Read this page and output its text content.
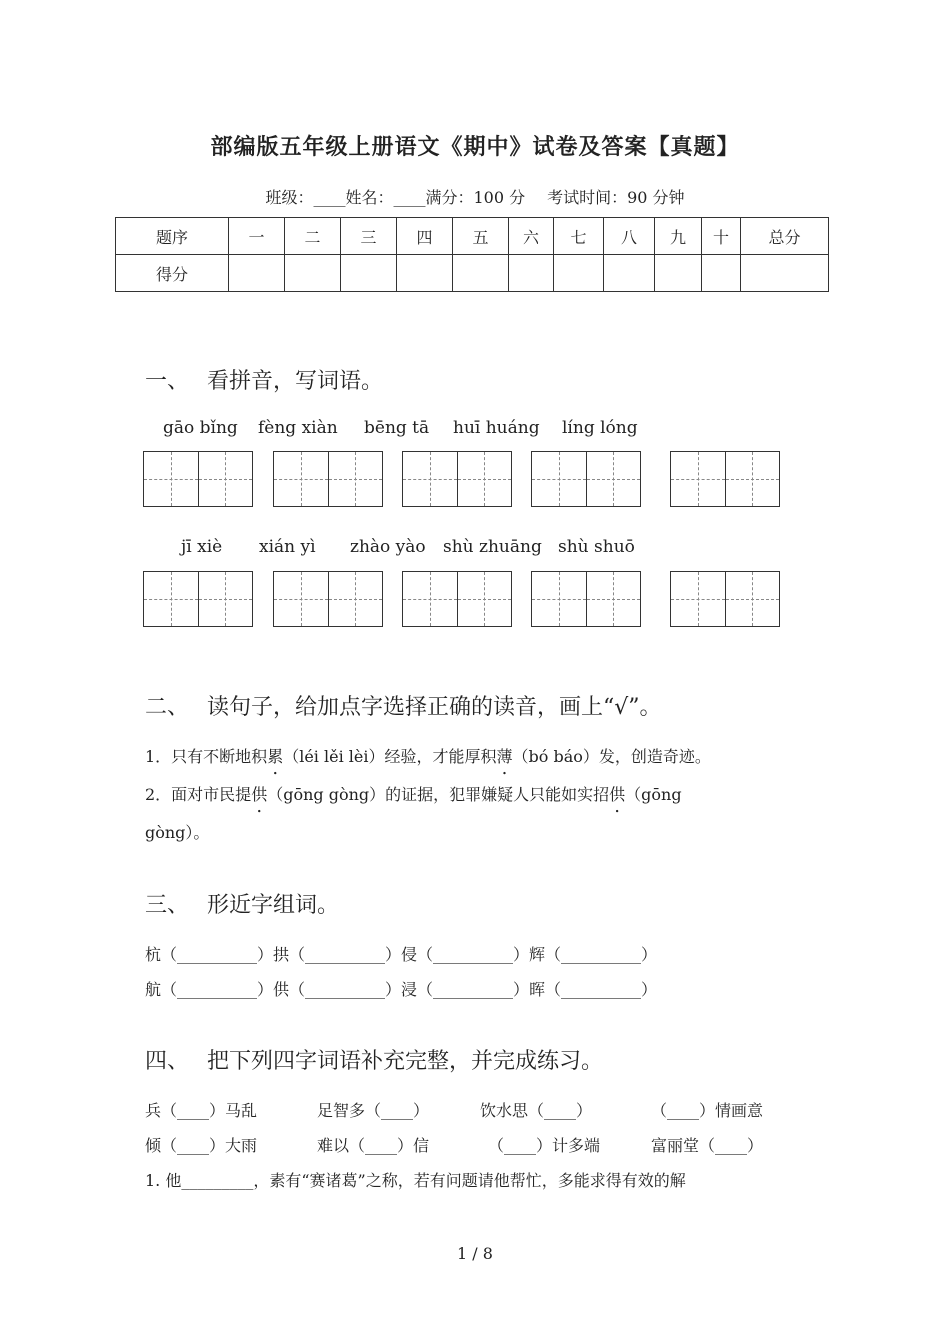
部编版五年级上册语文《期中》试卷及答案【真题】
班级：____姓名：____满分：100 分 考试时间：90 分钟
题序	一	二	三	四	五	六	七	八	九	十	总分
得分											
一、 看拼音，写词语。
gāo bǐng fèng xiàn bēng tā huī huáng líng lóng
jī xiè xián yì zhào yào shù zhuāng shù shuō
二、 读句子，给加点字选择正确的读音，画上“√”。
1．只有不断地积累（léi lěi lèi）经验，才能厚积薄（bó báo）发，创造奇迹。
2．面对市民提供（gōng gòng）的证据，犯罪嫌疑人只能如实招供（gōng
gòng）。
三、 形近字组词。
杭（__________）拱（__________）侵（__________）辉（__________）
航（__________）供（__________）浸（__________）晖（__________）
四、 把下列四字词语补充完整，并完成练习。
兵（____）马乱	足智多（____）	饮水思（____）	（____）情画意
倾（____）大雨	难以（____）信	（____）计多端	富丽堂（____）
1. 他_________，素有“赛诸葛”之称，若有问题请他帮忙，多能求得有效的解
1 / 8
